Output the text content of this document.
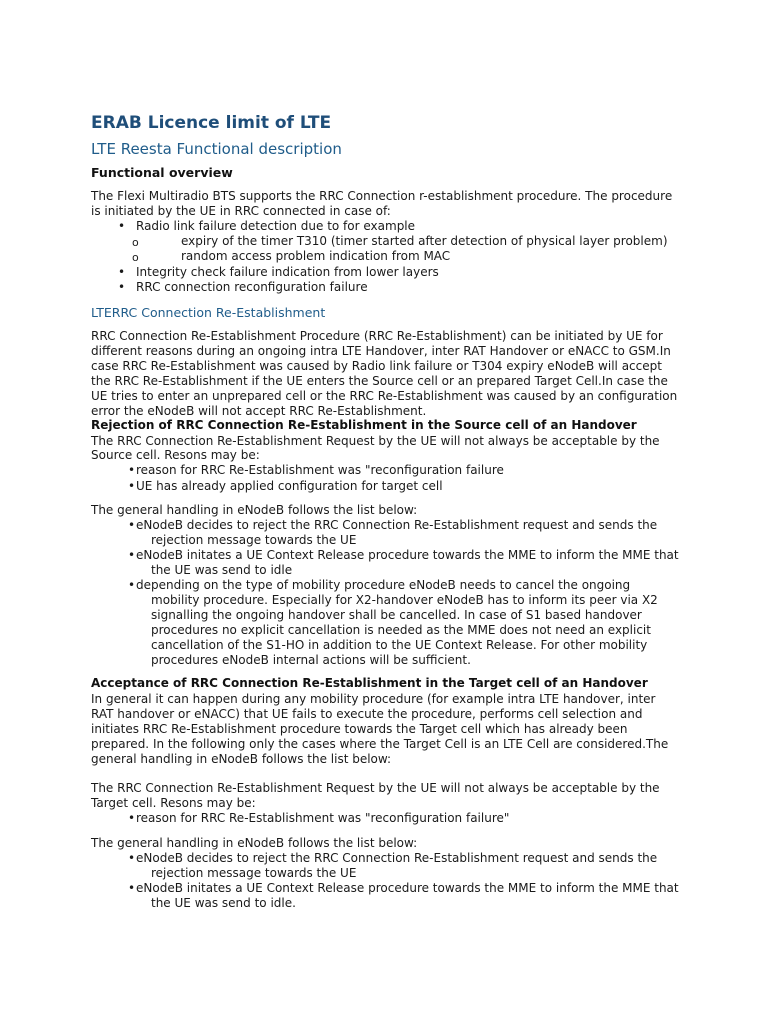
ERAB Licence limit of LTE
LTE Reesta Functional description
Functional overview
The Flexi Multiradio BTS supports the RRC Connection r-establishment procedure. The procedure
is initiated by the UE in RRC connected in case of:
• Radio link failure detection due to for example
o	expiry of the timer T310 (timer started after detection of physical layer problem)
o	random access problem indication from MAC
• Integrity check failure indication from lower layers
• RRC connection reconfiguration failure
LTERRC Connection Re-Establishment
RRC Connection Re-Establishment Procedure (RRC Re-Establishment) can be initiated by UE for
different reasons during an ongoing intra LTE Handover, inter RAT Handover or eNACC to GSM.In
case RRC Re-Establishment was caused by Radio link failure or T304 expiry eNodeB will accept
the RRC Re-Establishment if the UE enters the Source cell or an prepared Target Cell.In case the
UE tries to enter an unprepared cell or the RRC Re-Establishment was caused by an configuration
error the eNodeB will not accept RRC Re-Establishment.
Rejection of RRC Connection Re-Establishment in the Source cell of an Handover
The RRC Connection Re-Establishment Request by the UE will not always be acceptable by the
Source cell. Resons may be:
• reason for RRC Re-Establishment was "reconfiguration failure
• UE has already applied configuration for target cell
The general handling in eNodeB follows the list below:
• eNodeB decides to reject the RRC Connection Re-Establishment request and sends the
rejection message towards the UE
• eNodeB initates a UE Context Release procedure towards the MME to inform the MME that
the UE was send to idle
• depending on the type of mobility procedure eNodeB needs to cancel the ongoing
mobility procedure. Especially for X2-handover eNodeB has to inform its peer via X2
signalling the ongoing handover shall be cancelled. In case of S1 based handover
procedures no explicit cancellation is needed as the MME does not need an explicit
cancellation of the S1-HO in addition to the UE Context Release. For other mobility
procedures eNodeB internal actions will be sufficient.
Acceptance of RRC Connection Re-Establishment in the Target cell of an Handover
In general it can happen during any mobility procedure (for example intra LTE handover, inter
RAT handover or eNACC) that UE fails to execute the procedure, performs cell selection and
initiates RRC Re-Establishment procedure towards the Target cell which has already been
prepared. In the following only the cases where the Target Cell is an LTE Cell are considered.The
general handling in eNodeB follows the list below:
The RRC Connection Re-Establishment Request by the UE will not always be acceptable by the
Target cell. Resons may be:
• reason for RRC Re-Establishment was "reconfiguration failure"
The general handling in eNodeB follows the list below:
• eNodeB decides to reject the RRC Connection Re-Establishment request and sends the
rejection message towards the UE
• eNodeB initates a UE Context Release procedure towards the MME to inform the MME that
the UE was send to idle.
